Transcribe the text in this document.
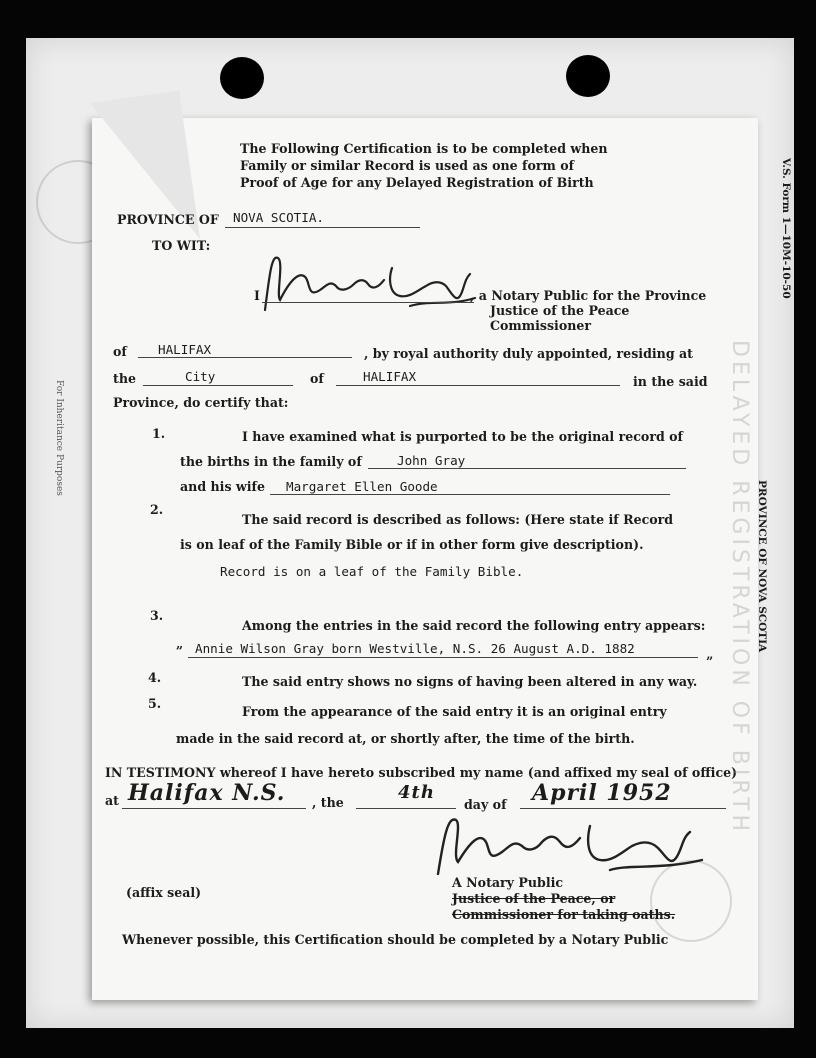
For Inheritance Purposes
The Following Certification is to be completed when
Family or similar Record is used as one form of
Proof of Age for any Delayed Registration of Birth
PROVINCE OF NOVA SCOTIA.
TO WIT:
I	, a Notary Public for the Province
Justice of the Peace
Commissioner
of HALIFAX	, by royal authority duly appointed, residing at
the	City	of	HALIFAX	in the said
Province, do certify that:
1.	I have examined what is purported to be the original record of
the births in the family of	John Gray
and his wife Margaret Ellen Goode
2.
The said record is described as follows: (Here state if Record
is on leaf of the Family Bible or if in other form give description).
Record is on a leaf of the Family Bible.
3.
Among the entries in the said record the following entry appears:
„ Annie Wilson Gray born Westville, N.S. 26 August A.D. 1882
”
4.	The said entry shows no signs of having been altered in any way.
5.
From the appearance of the said entry it is an original entry
made in the said record at, or shortly after, the time of the birth.
IN TESTIMONY whereof I have hereto subscribed my name (and affixed my seal of office)
at Halifax N.S. , the	4th
day of April 1952
A Notary Public
Justice of the Peace, or
Commissioner for taking oaths.
(affix seal)
Whenever possible, this Certification should be completed by a Notary Public
V.S. Form 1—10M-10-50
PROVINCE OF NOVA SCOTIA
DELAYED REGISTRATION OF BIRTH
